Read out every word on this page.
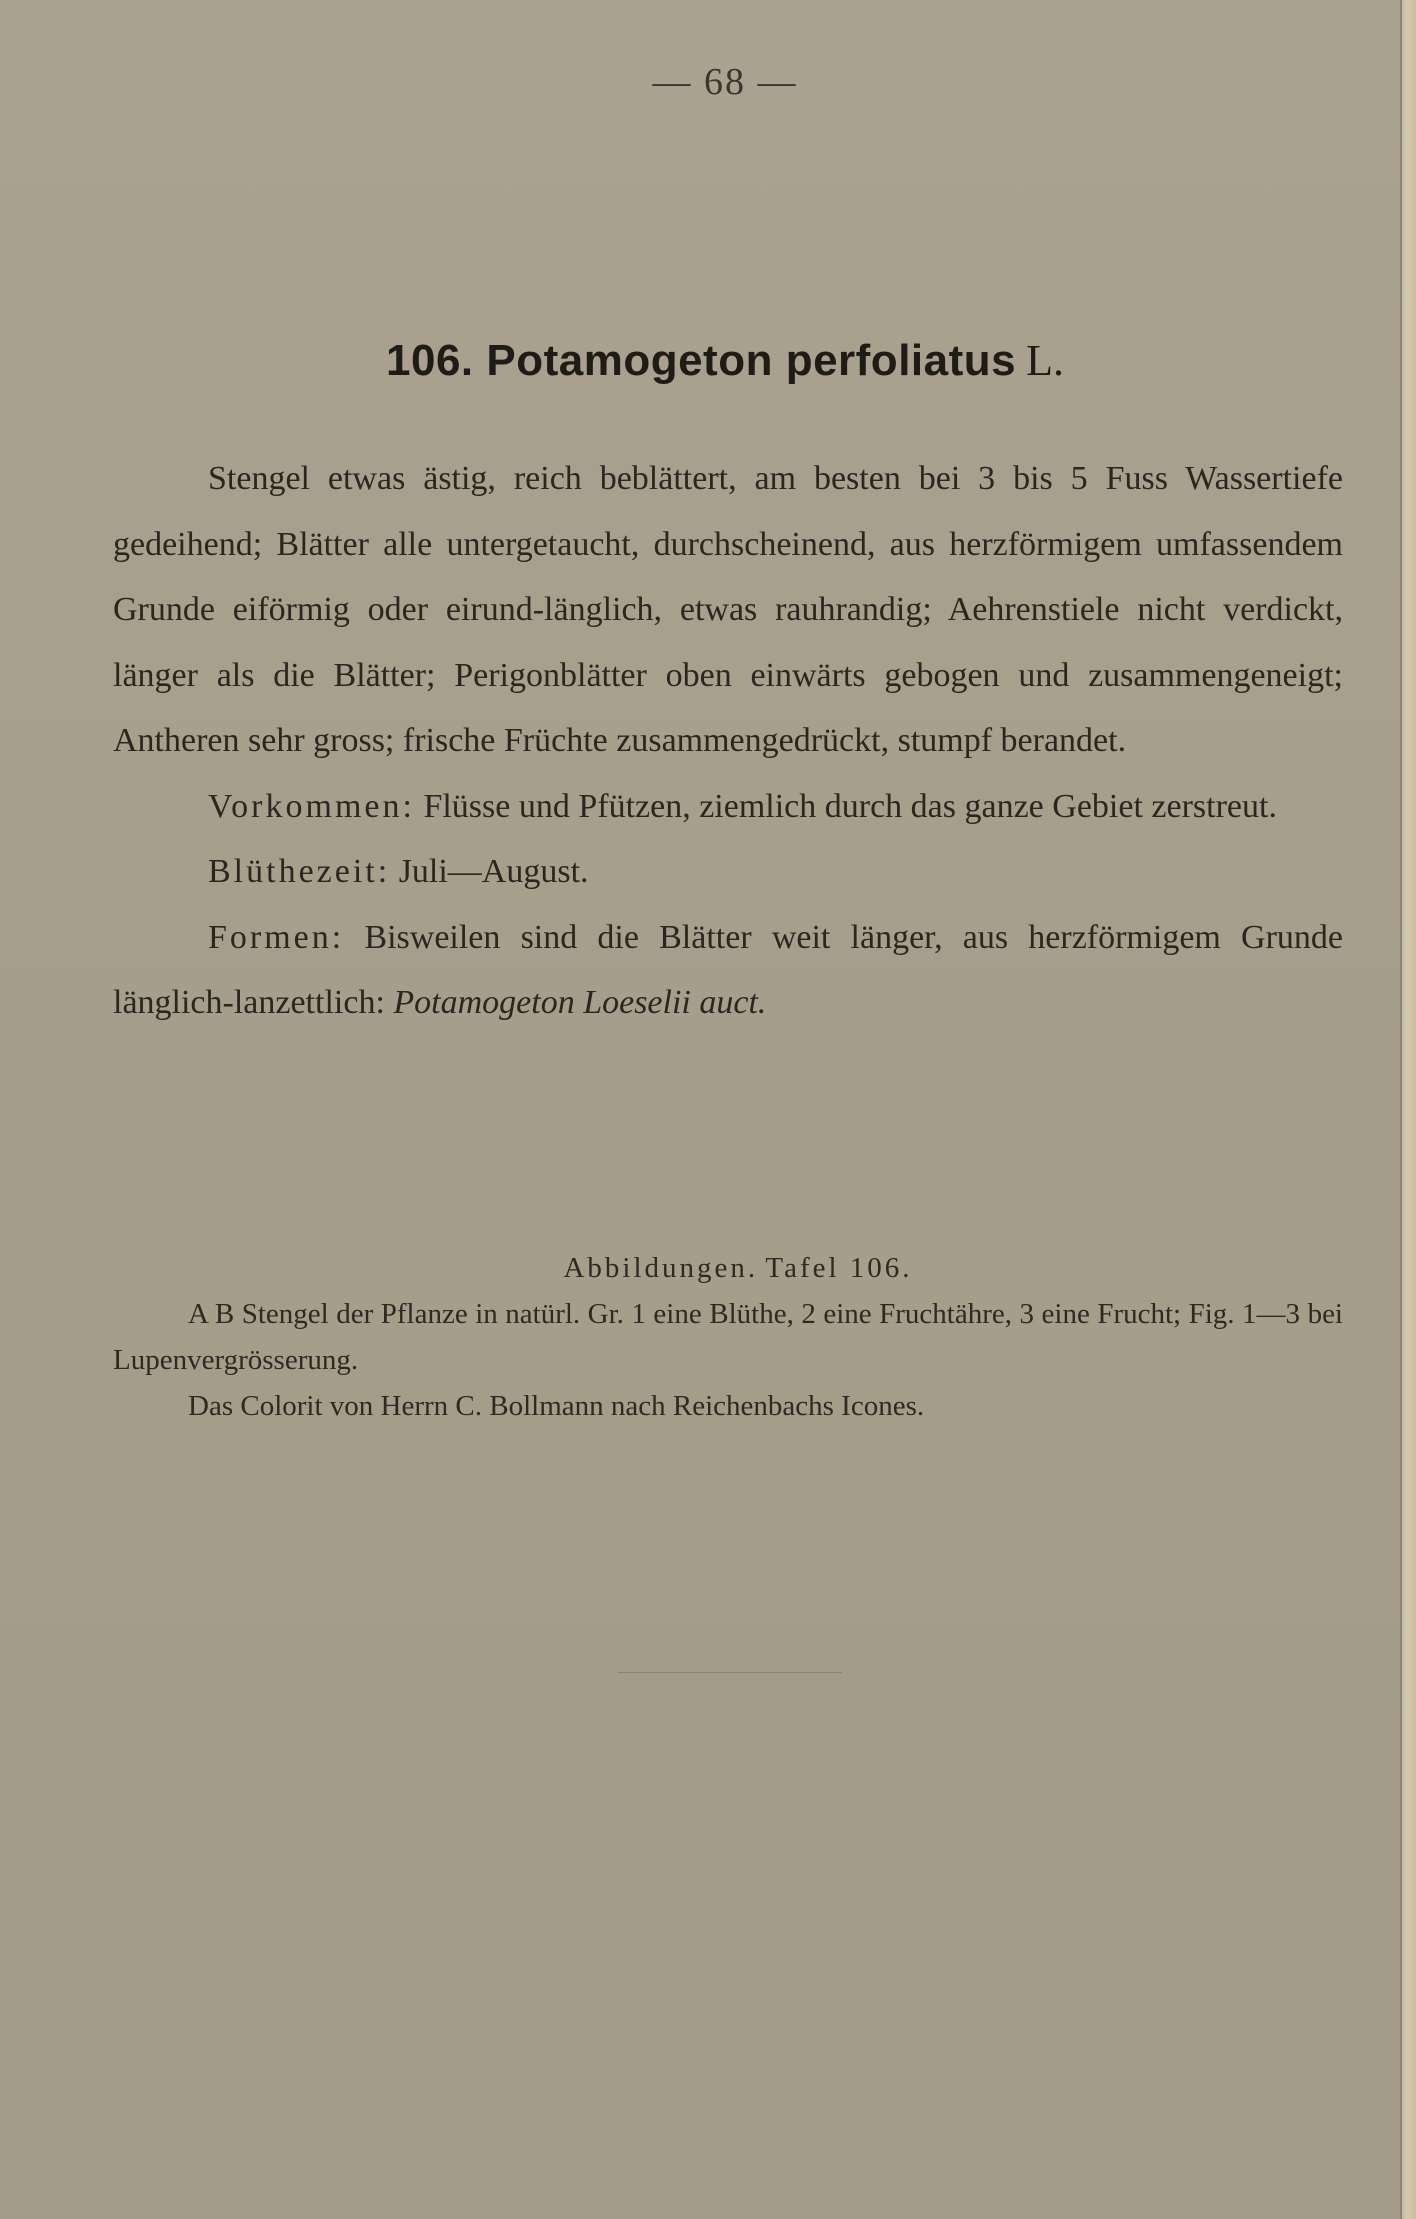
— 68 —
106. Potamogeton perfoliatus L.

Stengel etwas ästig, reich beblättert, am besten bei 3 bis 5 Fuss Wassertiefe gedeihend; Blätter alle untergetaucht, durchscheinend, aus herzförmigem umfassendem Grunde eiförmig oder eirund-länglich, etwas rauhrandig; Aehrenstiele nicht verdickt, länger als die Blätter; Perigonblätter oben einwärts gebogen und zusammengeneigt; Antheren sehr gross; frische Früchte zusammengedrückt, stumpf berandet.

Vorkommen: Flüsse und Pfützen, ziemlich durch das ganze Gebiet zerstreut.

Blüthezeit: Juli—August.

Formen: Bisweilen sind die Blätter weit länger, aus herzförmigem Grunde länglich-lanzettlich: Potamogeton Loeselii auct.

Abbildungen. Tafel 106.

A B Stengel der Pflanze in natürl. Gr. 1 eine Blüthe, 2 eine Fruchtähre, 3 eine Frucht; Fig. 1—3 bei Lupenvergrösserung.

Das Colorit von Herrn C. Bollmann nach Reichenbachs Icones.
